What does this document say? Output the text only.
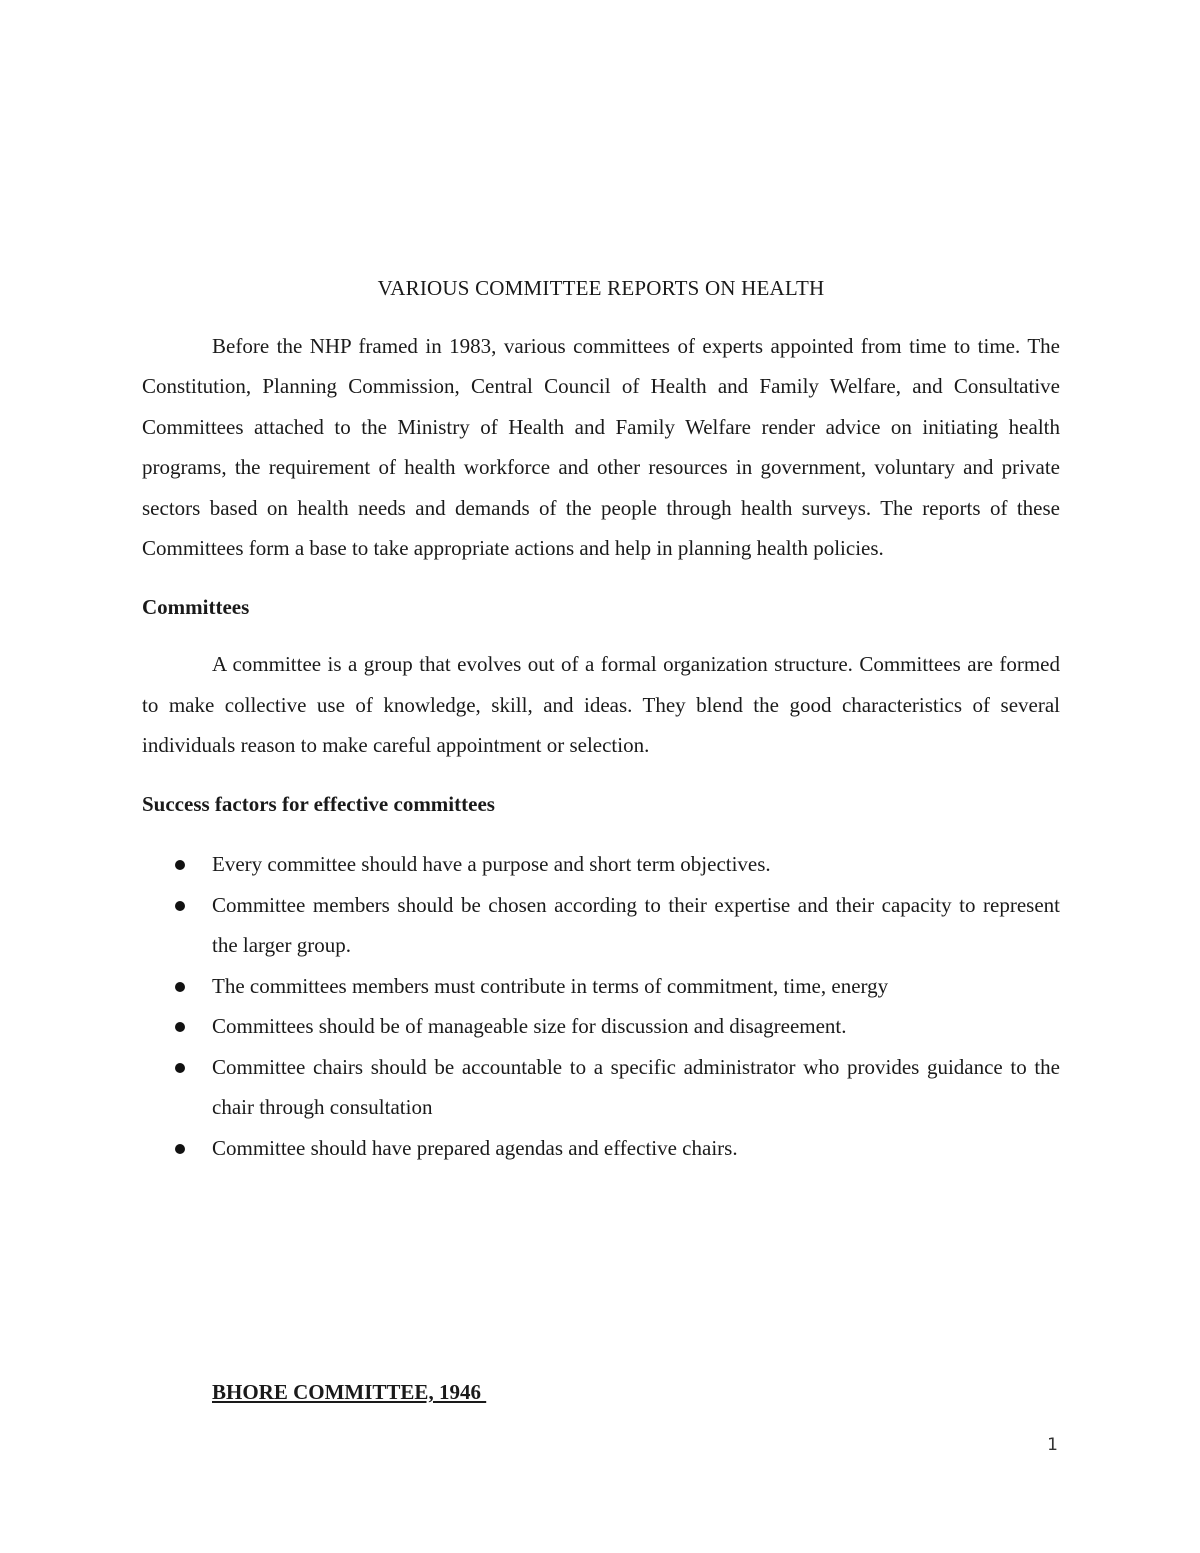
VARIOUS COMMITTEE REPORTS ON HEALTH

Before the NHP framed in 1983, various committees of experts appointed from time to time. The Constitution, Planning Commission, Central Council of Health and Family Welfare, and Consultative Committees attached to the Ministry of Health and Family Welfare render advice on initiating health programs, the requirement of health workforce and other resources in government, voluntary and private sectors based on health needs and demands of the people through health surveys. The reports of these Committees form a base to take appropriate actions and help in planning health policies.

Committees

A committee is a group that evolves out of a formal organization structure. Committees are formed to make collective use of knowledge, skill, and ideas. They blend the good characteristics of several individuals reason to make careful appointment or selection.

Success factors for effective committees
Every committee should have a purpose and short term objectives.
Committee members should be chosen according to their expertise and their capacity to represent the larger group.
The committees members must contribute in terms of commitment, time, energy
Committees should be of manageable size for discussion and disagreement.
Committee chairs should be accountable to a specific administrator who provides guidance to the chair through consultation
Committee should have prepared agendas and effective chairs.
BHORE COMMITTEE, 1946
1
